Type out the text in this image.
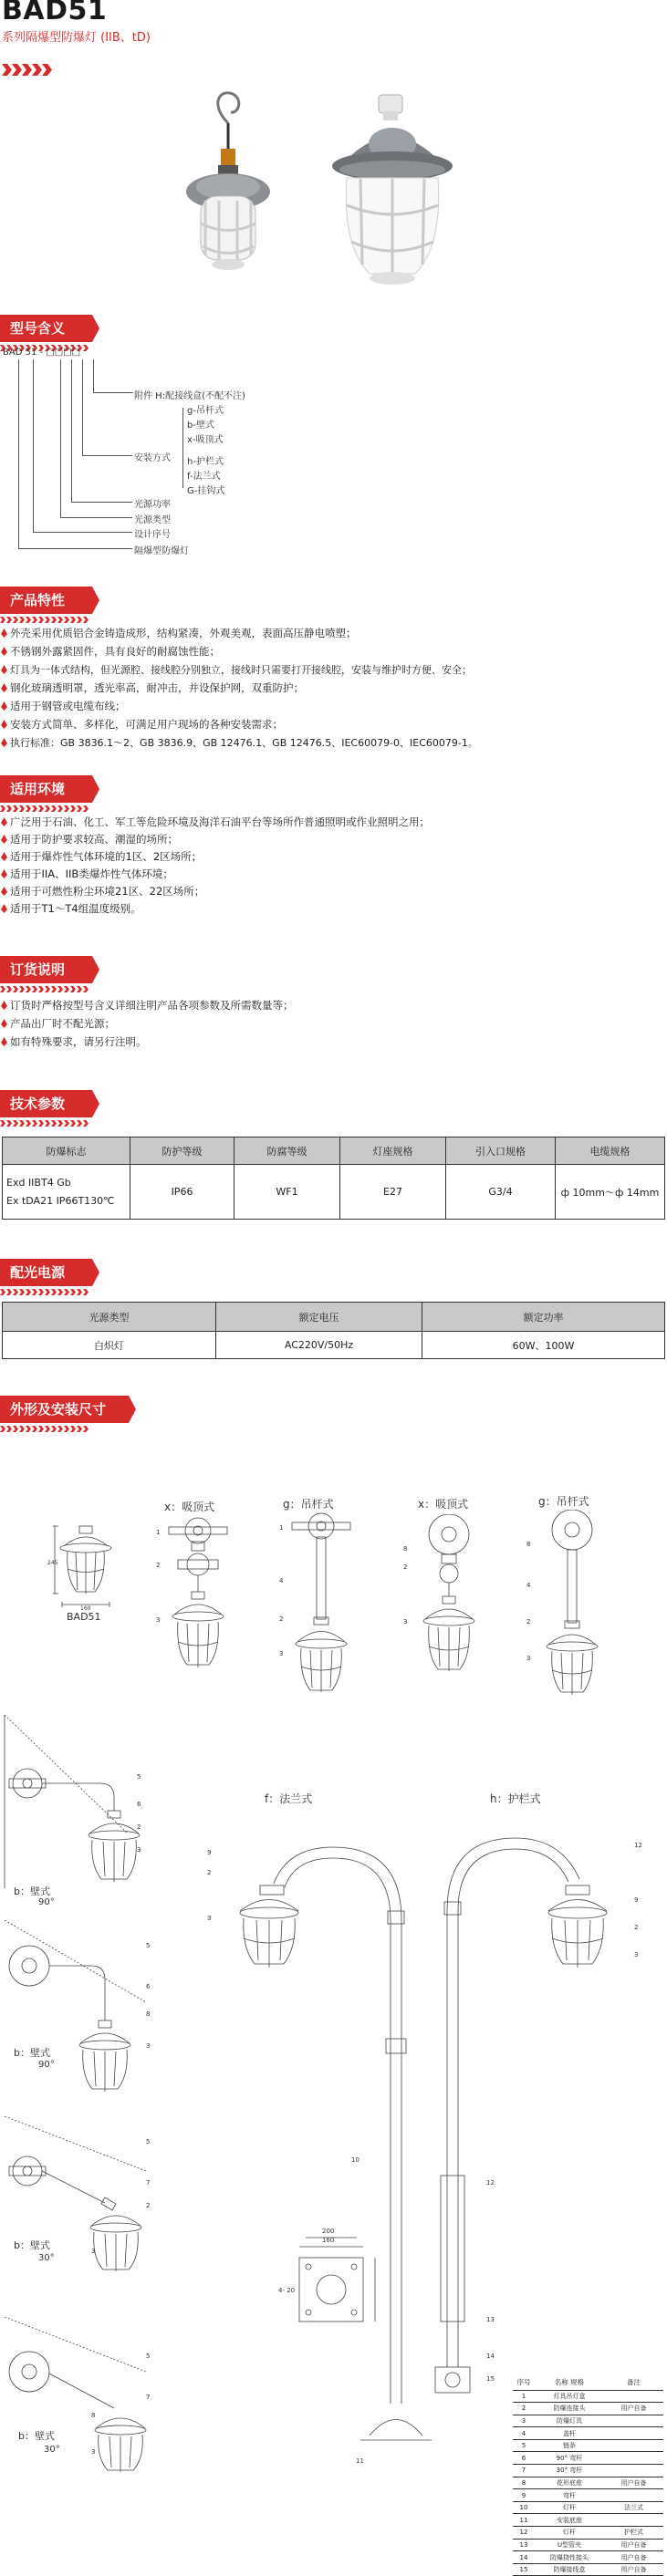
BAD51
系列隔爆型防爆灯 (IIB、tD)
型号含义
BAD 51 - □□□□
附件 H:配接线盒(不配不注)
g-吊杆式
b-壁式
x-吸顶式
安装方式 h-护栏式
f-法兰式
G-挂钩式
光源功率
光源类型
设计序号
隔爆型防爆灯
产品特性
外壳采用优质铝合金铸造成形，结构紧凑，外观美观，表面高压静电喷塑；
不锈钢外露紧固件，具有良好的耐腐蚀性能；
灯具为一体式结构，但光源腔、接线腔分别独立，接线时只需要打开接线腔，安装与维护时方便、安全；
钢化玻璃透明罩，透光率高，耐冲击，并设保护网，双重防护；
适用于钢管或电缆布线；
安装方式简单、多样化，可满足用户现场的各种安装需求；
执行标准：GB 3836.1～2、GB 3836.9、GB 12476.1、GB 12476.5、IEC60079-0、IEC60079-1。
适用环境
广泛用于石油、化工、军工等危险环境及海洋石油平台等场所作普通照明或作业照明之用；
适用于防护要求较高、潮湿的场所；
适用于爆炸性气体环境的1区、2区场所；
适用于IIA、IIB类爆炸性气体环境；
适用于可燃性粉尘环境21区、22区场所；
适用于T1～T4组温度级别。
订货说明
订货时严格按型号含义详细注明产品各项参数及所需数量等；
产品出厂时不配光源；
如有特殊要求，请另行注明。
技术参数
防爆标志	防护等级	防腐等级	灯座规格	引入口规格	电缆规格

Exd IIBT4 Gb
Ex tDA21 IP66T130℃	IP66	WF1	E27	G3/4	ф 10mm～ф 14mm
配光电源
光源类型	额定电压	额定功率
白炽灯	AC220V/50Hz	60W、100W
外形及安装尺寸
x：吸顶式	g：吊杆式	x：吸顶式	g：吊杆式
BAD51
245
160
1
2
3
1
4
2
3
8
2
3
8
4
2
3
5
6
2
3
b：壁式
90°
5
6
8
3
b：壁式
90°
5
7
2
3
b：壁式
30°
5
7
8
3
b：壁式
30°
f：法兰式	h：护栏式
9
2
3
12
9
2
3
10
12
13
14
15
11
200
160
4- 20
序号	名称 规格	备注
1	灯具吊灯盒	
2	防爆连接头	用户自备
3	防爆灯具	
4	盖杆	
5	链条	
6	90° 弯杆	
7	30° 弯杆	
8	花形底座	用户自备
9	弯杆	
10	灯杆	法兰式
11	安装底座	
12	灯杆	护栏式
13	U型管夹	用户自备
14	防爆挠性接头	用户自备
15	防爆接线盒	用户自备
